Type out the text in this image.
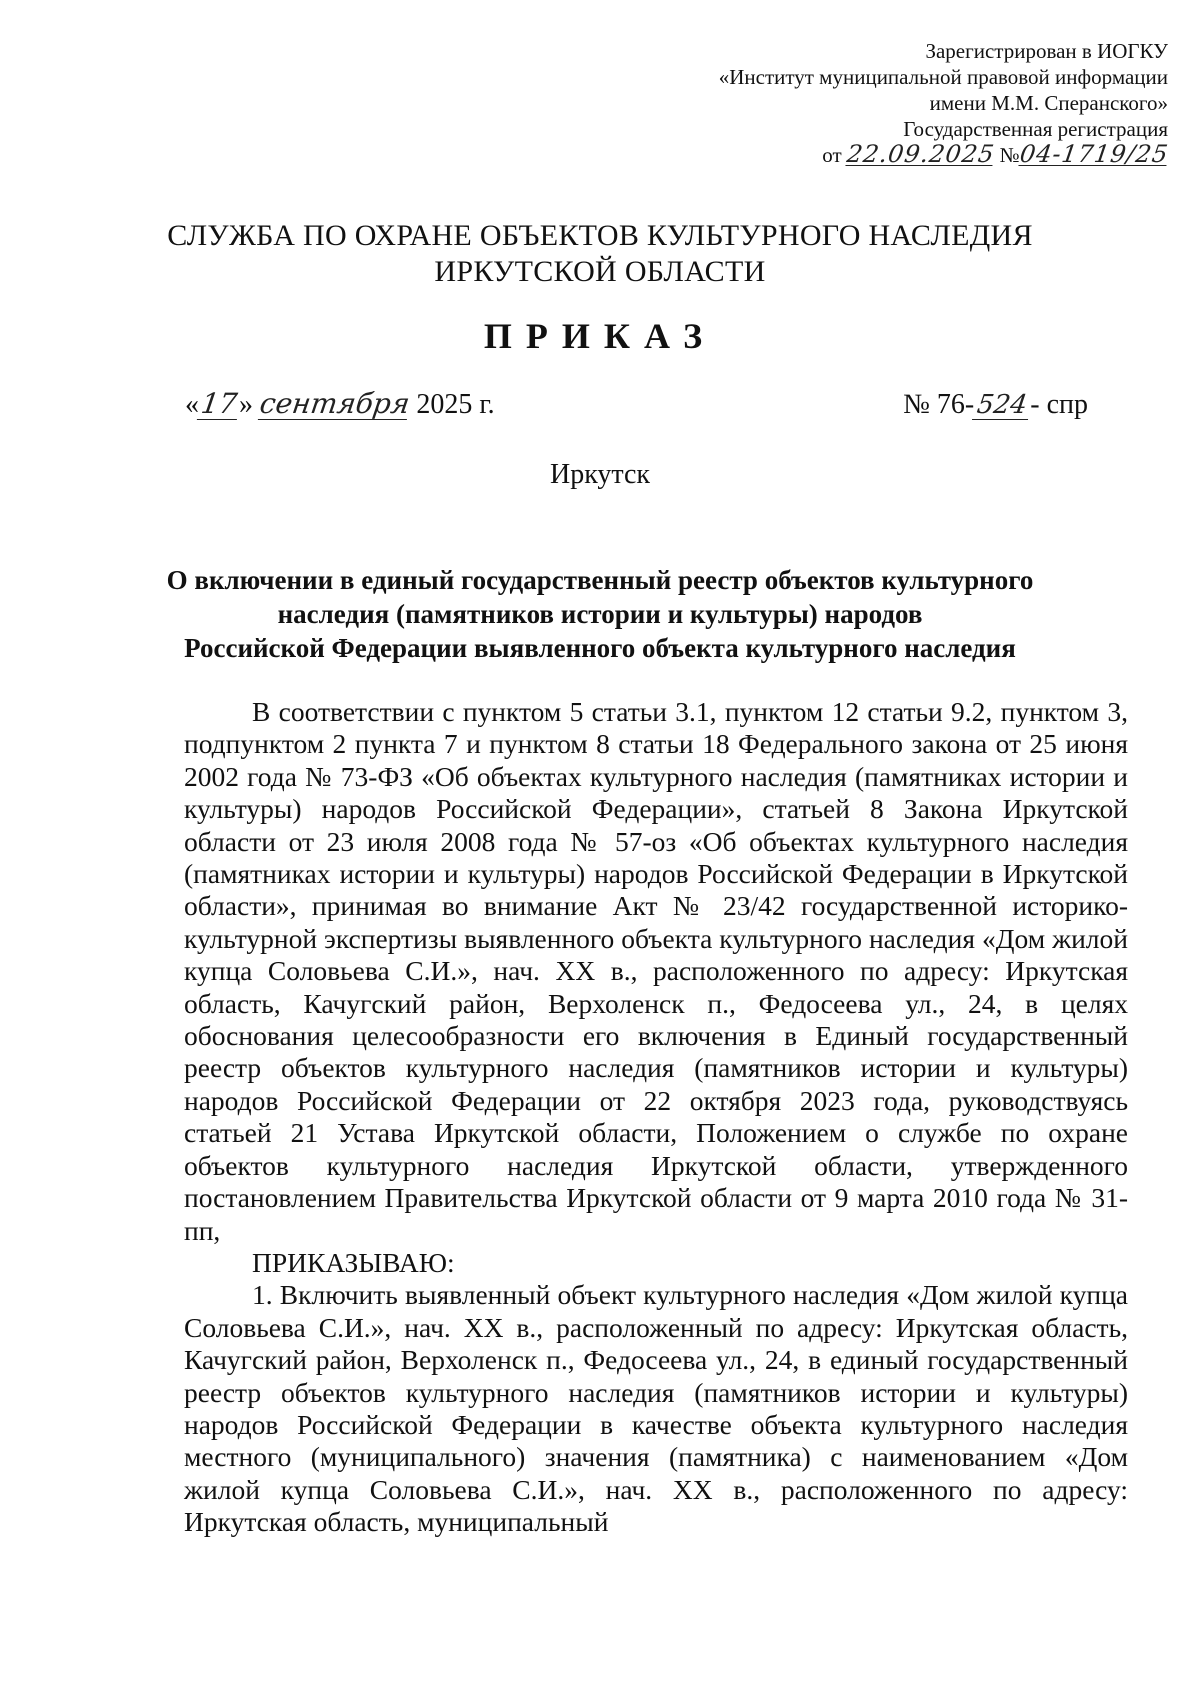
Зарегистрирован в ИОГКУ
«Институт муниципальной правовой информации
имени М.М. Сперанского»
Государственная регистрация
от 22.09.2025 №04-1719/25
СЛУЖБА ПО ОХРАНЕ ОБЪЕКТОВ КУЛЬТУРНОГО НАСЛЕДИЯ
ИРКУТСКОЙ ОБЛАСТИ
ПРИКАЗ
«17» сентября 2025 г.	№ 76-524- спр
Иркутск
О включении в единый государственный реестр объектов культурного
наследия (памятников истории и культуры) народов
Российской Федерации выявленного объекта культурного наследия

В соответствии с пунктом 5 статьи 3.1, пунктом 12 статьи 9.2, пунктом 3, подпунктом 2 пункта 7 и пунктом 8 статьи 18 Федерального закона от 25 июня 2002 года № 73-ФЗ «Об объектах культурного наследия (памятниках истории и культуры) народов Российской Федерации», статьей 8 Закона Иркутской области от 23 июля 2008 года № 57-оз «Об объектах культурного наследия (памятниках истории и культуры) народов Российской Федерации в Иркутской области», принимая во внимание Акт № 23/42 государственной историко-культурной экспертизы выявленного объекта культурного наследия «Дом жилой купца Соловьева С.И.», нач. XX в., расположенного по адресу: Иркутская область, Качугский район, Верхоленск п., Федосеева ул., 24, в целях обоснования целесообразности его включения в Единый государственный реестр объектов культурного наследия (памятников истории и культуры) народов Российской Федерации от 22 октября 2023 года, руководствуясь статьей 21 Устава Иркутской области, Положением о службе по охране объектов культурного наследия Иркутской области, утвержденного постановлением Правительства Иркутской области от 9 марта 2010 года № 31-пп,

ПРИКАЗЫВАЮ:

1. Включить выявленный объект культурного наследия «Дом жилой купца Соловьева С.И.», нач. XX в., расположенный по адресу: Иркутская область, Качугский район, Верхоленск п., Федосеева ул., 24, в единый государственный реестр объектов культурного наследия (памятников истории и культуры) народов Российской Федерации в качестве объекта культурного наследия местного (муниципального) значения (памятника) с наименованием «Дом жилой купца Соловьева С.И.», нач. XX в., расположенного по адресу: Иркутская область, муниципальный
